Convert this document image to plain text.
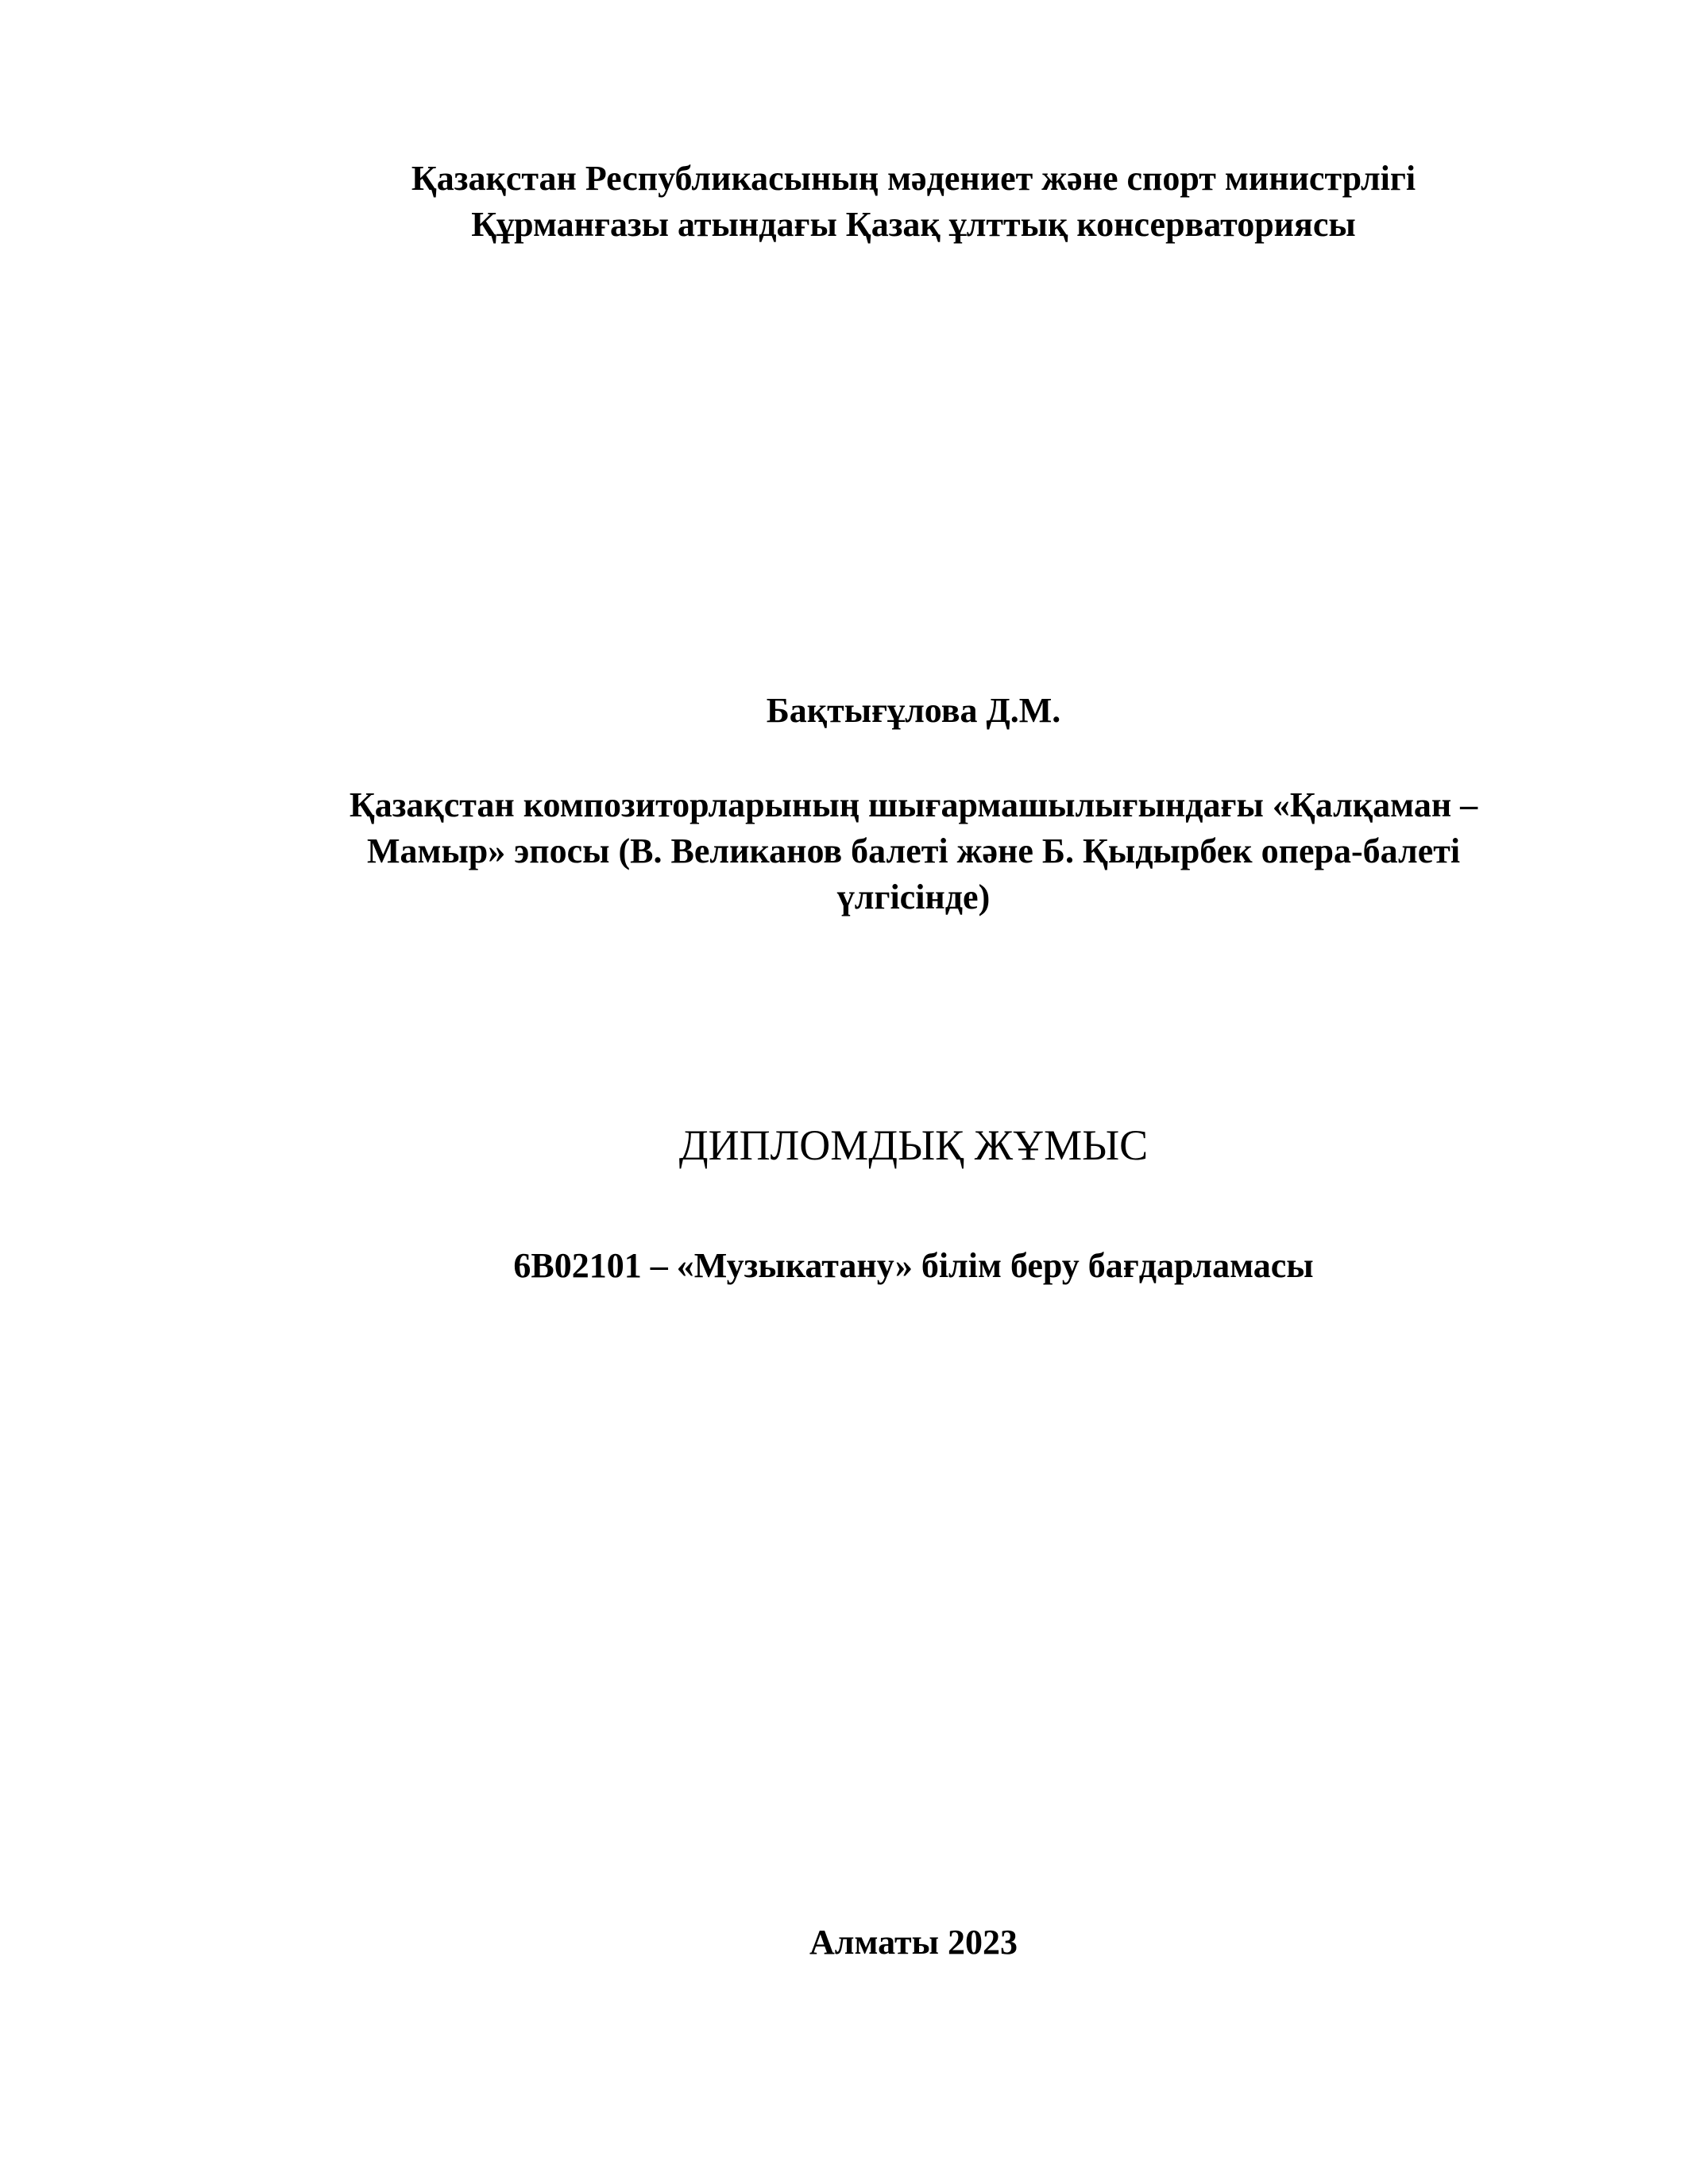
Қазақстан Республикасының мәдениет және спорт министрлігі

Құрманғазы атындағы Қазақ ұлттық консерваториясы

Бақтығұлова Д.М.

Қазақстан композиторларының шығармашылығындағы «Қалқаман –

Мамыр» эпосы (В. Великанов балеті және Б. Қыдырбек опера-балеті

үлгісінде)

ДИПЛОМДЫҚ ЖҰМЫС

6В02101 – «Музыкатану» білім беру бағдарламасы

Алматы 2023
